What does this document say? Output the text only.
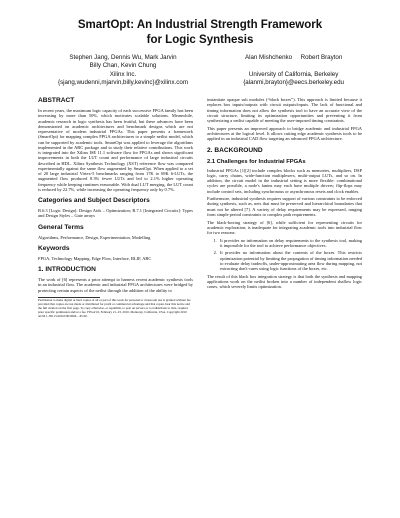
SmartOpt: An Industrial Strength Framework
for Logic Synthesis
Stephen Jang, Dennis Wu, Mark Jarvin
Billy Chan, Kevin Chung
Xilinx Inc.
{sjang,wudenni,mjarvin,billy,kevinc}@xilinx.com
Alan Mishchenko     Robert Brayton
University of California, Berkeley
{alanmi,brayton}@eecs.berkeley.edu
ABSTRACT

In recent years, the maximum logic capacity of each successive FPGA family has been increasing by more than 50%, which motivates scalable solutions. Meanwhile, academic research in logic synthesis has been fruitful, but these advances have been demonstrated on academic architectures and benchmark designs which are not representative of modern industrial FPGAs. This paper presents a framework (SmartOpt) for mapping complex FPGA architectures to a simple netlist model, which can be supported by academic tools. SmartOpt was applied to leverage the algorithms implemented in the ABC package and to study their relative contributions. This work is integrated into the Xilinx ISE 11.1 software flow for FPGAs and shows significant improvements in both the LUT count and performance of large industrial circuits described in HDL. Xilinx Synthesis Technology (XST) reference flow was compared experimentally against the same flow augmented by SmartOpt. When applied to a set of 20 large industrial Virtex-5 benchmarks ranging from 17K to 69K 6-LUTs, the augmented flow produced 8.3% fewer LUTs and led to 2.1% higher operating frequency while keeping runtimes reasonable. With dual LUT merging, the LUT count is reduced by 22.7%, while increasing the operating frequency only by 0.7%.

Categories and Subject Descriptors

B.6.3 [Logic Design]: Design Aids – Optimization; B.7.1 [Integrated Circuits]: Types and Design Styles – Gate arrays

General Terms

Algorithms, Performance, Design, Experimentation, Modelling

Keywords

FPGA, Technology Mapping, Edge Flow, Interface, BLIF, ABC

1. INTRODUCTION

The work of [6] represents a prior attempt to harness recent academic synthesis tools in an industrial flow. The academic and industrial FPGA architectures were bridged by protecting certain aspects of the netlist through the addition of the ability to

Permission to make digital or hard copies of all or part of this work for personal or classroom use is granted without fee provided that copies are not made or distributed for profit or commercial advantage and that copies bear this notice and the full citation on the first page. To copy otherwise, or republish, to post on servers or to redistribute to lists, requires prior specific permission and/or a fee. FPGA'10, February 21–23, 2010, Monterey, California, USA. Copyright 2010 ACM 1-58113-000-0/00/0004…$5.00.

instantiate opaque sub modules (“black boxes”). This approach is limited because it replaces box inputs/outputs with circuit outputs/inputs. The lack of functional and timing information does not allow the synthesis tool to have an accurate view of the circuit structure, limiting its optimization opportunities and preventing it from synthesizing a netlist capable of meeting the user-imposed timing constraints.

This paper presents an improved approach to bridge academic and industrial FPGA architectures at the logical level. It allows cutting edge academic synthesis tools to be applied in an industrial CAD flow targeting an advanced FPGA architecture.

2. BACKGROUND
2.1 Challenges for Industrial FPGAs

Industrial FPGAs [1][2] include complex blocks such as memories, multipliers, DSP logic, carry chains, wide-function multiplexers, multi-output LUTs, and so on. In addition, the circuit model in the industrial setting is more flexible: combinational cycles are possible, a node's fanins may each have multiple drivers; flip-flops may include control sets, including synchronous or asynchronous resets and clock enables.

Furthermore, industrial synthesis requires support of various constraints to be enforced during synthesis, such as, nets that must be preserved and hierarchical boundaries that must not be altered [7]. A variety of delay requirements may be expressed, ranging from simple period constraints to complex path requirements.

The black-boxing strategy of [6], while sufficient for representing circuits for academic exploration, is inadequate for integrating academic tools into industrial flow for two reasons:

1. It provides no information on delay requirements to the synthesis tool, making it impossible for the tool to achieve performance objectives.
2. It provides no information about the contents of the boxes. This restricts optimization potential by limiting the propagation of timing information needed to evaluate delay tradeoffs, under-approximating area flow during mapping, not extracting don't-cares using logic functions of the boxes, etc.

The result of this black box integration strategy is that both the synthesis and mapping applications work on the netlist broken into a number of independent shallow logic cones, which severely limits optimization.
